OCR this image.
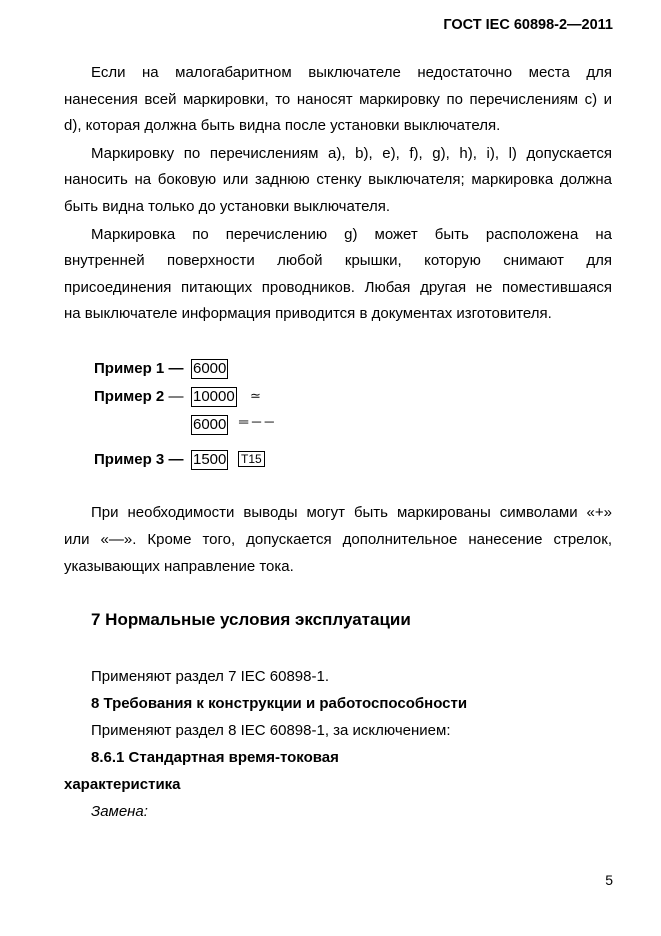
ГОСТ IEC 60898-2—2011
Если на малогабаритном выключателе недостаточно места для
нанесения всей маркировки, то наносят маркировку по перечислениям с) и
d), которая должна быть видна после установки выключателя.
Маркировку по перечислениям a), b), e), f), g), h), i), l) допускается
наносить на боковую или заднюю стенку выключателя; маркировка должна
быть видна только до установки выключателя.
Маркировка по перечислению g) может быть расположена на
внутренней поверхности любой крышки, которую снимают для
присоединения питающих проводников. Любая другая не поместившаяся
на выключателе информация приводится в документах изготовителя.
Пример 1 — 6000
Пример 2 — 10000 ≃
6000 ═ ─ ─
Пример 3 — 1500 T15
При необходимости выводы могут быть маркированы символами «+»
или «—». Кроме того, допускается дополнительное нанесение стрелок,
указывающих направление тока.
7 Нормальные условия эксплуатации
Применяют раздел 7 IEC 60898-1.
8 Требования к конструкции и работоспособности
Применяют раздел 8 IEC 60898-1, за исключением:
8.6.1 Стандартная время-токовая
характеристика
Замена:
5
